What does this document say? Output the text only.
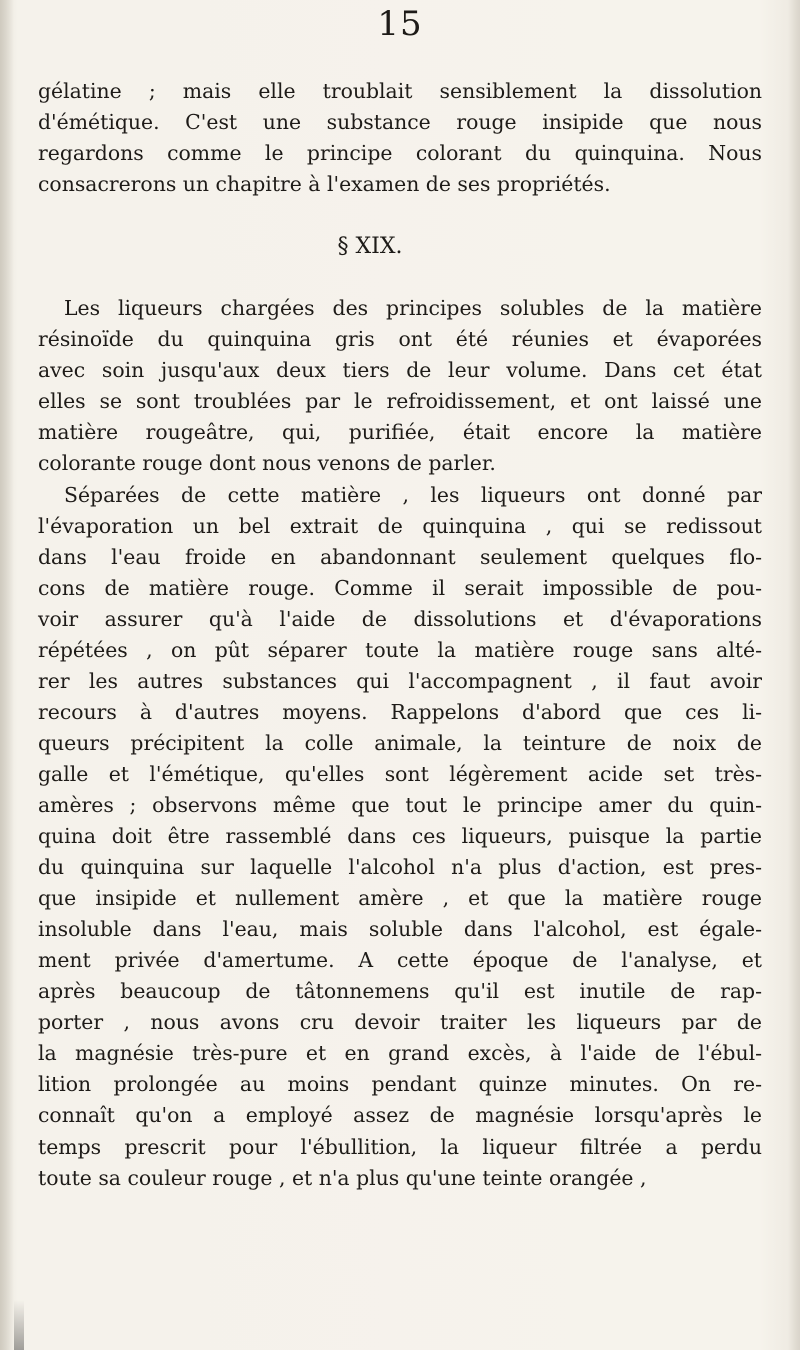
15
gélatine ; mais elle troublait sensiblement la dissolution
d'émétique. C'est une substance rouge insipide que nous
regardons comme le principe colorant du quinquina. Nous
consacrerons un chapitre à l'examen de ses propriétés.
§ XIX.
Les liqueurs chargées des principes solubles de la matière
résinoïde du quinquina gris ont été réunies et évaporées
avec soin jusqu'aux deux tiers de leur volume. Dans cet état
elles se sont troublées par le refroidissement, et ont laissé une
matière rougeâtre, qui, purifiée, était encore la matière
colorante rouge dont nous venons de parler.
Séparées de cette matière , les liqueurs ont donné par
l'évaporation un bel extrait de quinquina , qui se redissout
dans l'eau froide en abandonnant seulement quelques flo-
cons de matière rouge. Comme il serait impossible de pou-
voir assurer qu'à l'aide de dissolutions et d'évaporations
répétées , on pût séparer toute la matière rouge sans alté-
rer les autres substances qui l'accompagnent , il faut avoir
recours à d'autres moyens. Rappelons d'abord que ces li-
queurs précipitent la colle animale, la teinture de noix de
galle et l'émétique, qu'elles sont légèrement acide set très-
amères ; observons même que tout le principe amer du quin-
quina doit être rassemblé dans ces liqueurs, puisque la partie
du quinquina sur laquelle l'alcohol n'a plus d'action, est pres-
que insipide et nullement amère , et que la matière rouge
insoluble dans l'eau, mais soluble dans l'alcohol, est égale-
ment privée d'amertume. A cette époque de l'analyse, et
après beaucoup de tâtonnemens qu'il est inutile de rap-
porter , nous avons cru devoir traiter les liqueurs par de
la magnésie très-pure et en grand excès, à l'aide de l'ébul-
lition prolongée au moins pendant quinze minutes. On re-
connaît qu'on a employé assez de magnésie lorsqu'après le
temps prescrit pour l'ébullition, la liqueur filtrée a perdu
toute sa couleur rouge , et n'a plus qu'une teinte orangée ,
